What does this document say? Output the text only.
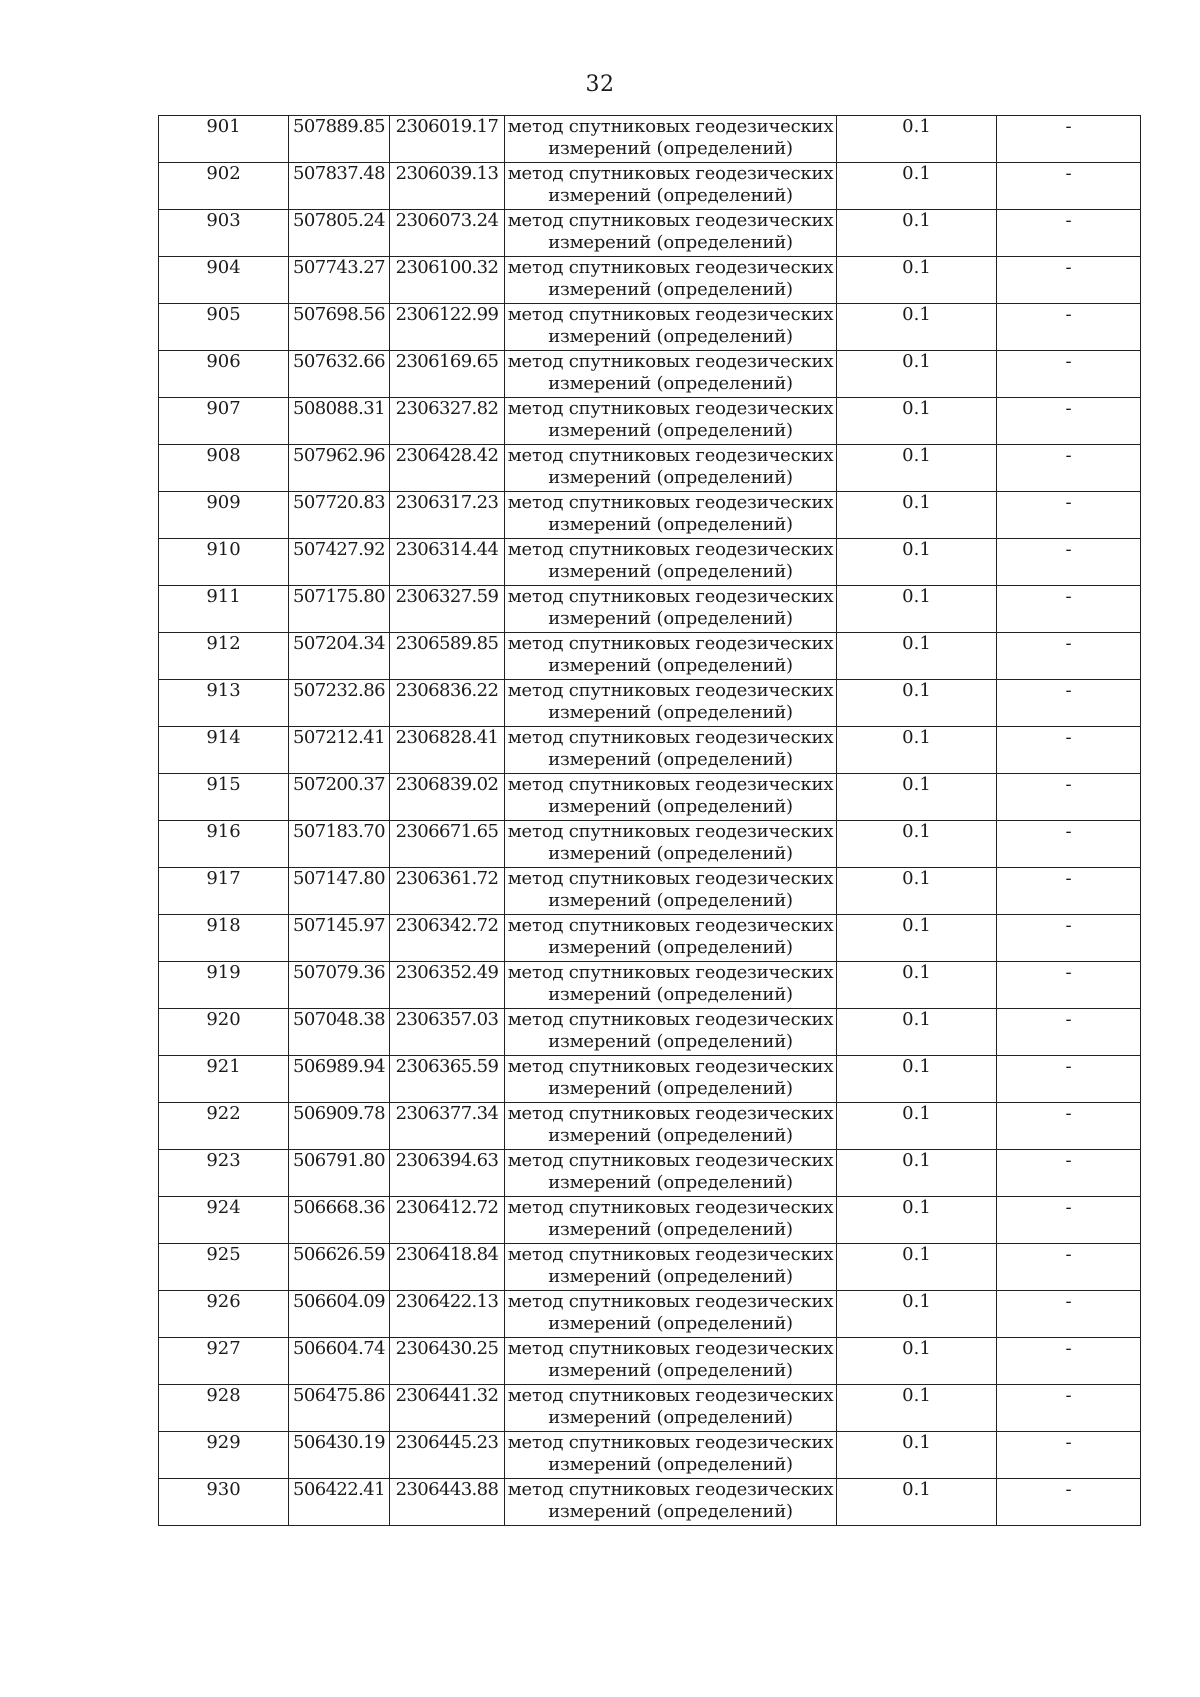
32
901	507889.85	2306019.17	метод спутниковых геодезических измерений (определений)	0.1	-
902	507837.48	2306039.13	метод спутниковых геодезических измерений (определений)	0.1	-
903	507805.24	2306073.24	метод спутниковых геодезических измерений (определений)	0.1	-
904	507743.27	2306100.32	метод спутниковых геодезических измерений (определений)	0.1	-
905	507698.56	2306122.99	метод спутниковых геодезических измерений (определений)	0.1	-
906	507632.66	2306169.65	метод спутниковых геодезических измерений (определений)	0.1	-
907	508088.31	2306327.82	метод спутниковых геодезических измерений (определений)	0.1	-
908	507962.96	2306428.42	метод спутниковых геодезических измерений (определений)	0.1	-
909	507720.83	2306317.23	метод спутниковых геодезических измерений (определений)	0.1	-
910	507427.92	2306314.44	метод спутниковых геодезических измерений (определений)	0.1	-
911	507175.80	2306327.59	метод спутниковых геодезических измерений (определений)	0.1	-
912	507204.34	2306589.85	метод спутниковых геодезических измерений (определений)	0.1	-
913	507232.86	2306836.22	метод спутниковых геодезических измерений (определений)	0.1	-
914	507212.41	2306828.41	метод спутниковых геодезических измерений (определений)	0.1	-
915	507200.37	2306839.02	метод спутниковых геодезических измерений (определений)	0.1	-
916	507183.70	2306671.65	метод спутниковых геодезических измерений (определений)	0.1	-
917	507147.80	2306361.72	метод спутниковых геодезических измерений (определений)	0.1	-
918	507145.97	2306342.72	метод спутниковых геодезических измерений (определений)	0.1	-
919	507079.36	2306352.49	метод спутниковых геодезических измерений (определений)	0.1	-
920	507048.38	2306357.03	метод спутниковых геодезических измерений (определений)	0.1	-
921	506989.94	2306365.59	метод спутниковых геодезических измерений (определений)	0.1	-
922	506909.78	2306377.34	метод спутниковых геодезических измерений (определений)	0.1	-
923	506791.80	2306394.63	метод спутниковых геодезических измерений (определений)	0.1	-
924	506668.36	2306412.72	метод спутниковых геодезических измерений (определений)	0.1	-
925	506626.59	2306418.84	метод спутниковых геодезических измерений (определений)	0.1	-
926	506604.09	2306422.13	метод спутниковых геодезических измерений (определений)	0.1	-
927	506604.74	2306430.25	метод спутниковых геодезических измерений (определений)	0.1	-
928	506475.86	2306441.32	метод спутниковых геодезических измерений (определений)	0.1	-
929	506430.19	2306445.23	метод спутниковых геодезических измерений (определений)	0.1	-
930	506422.41	2306443.88	метод спутниковых геодезических измерений (определений)	0.1	-
